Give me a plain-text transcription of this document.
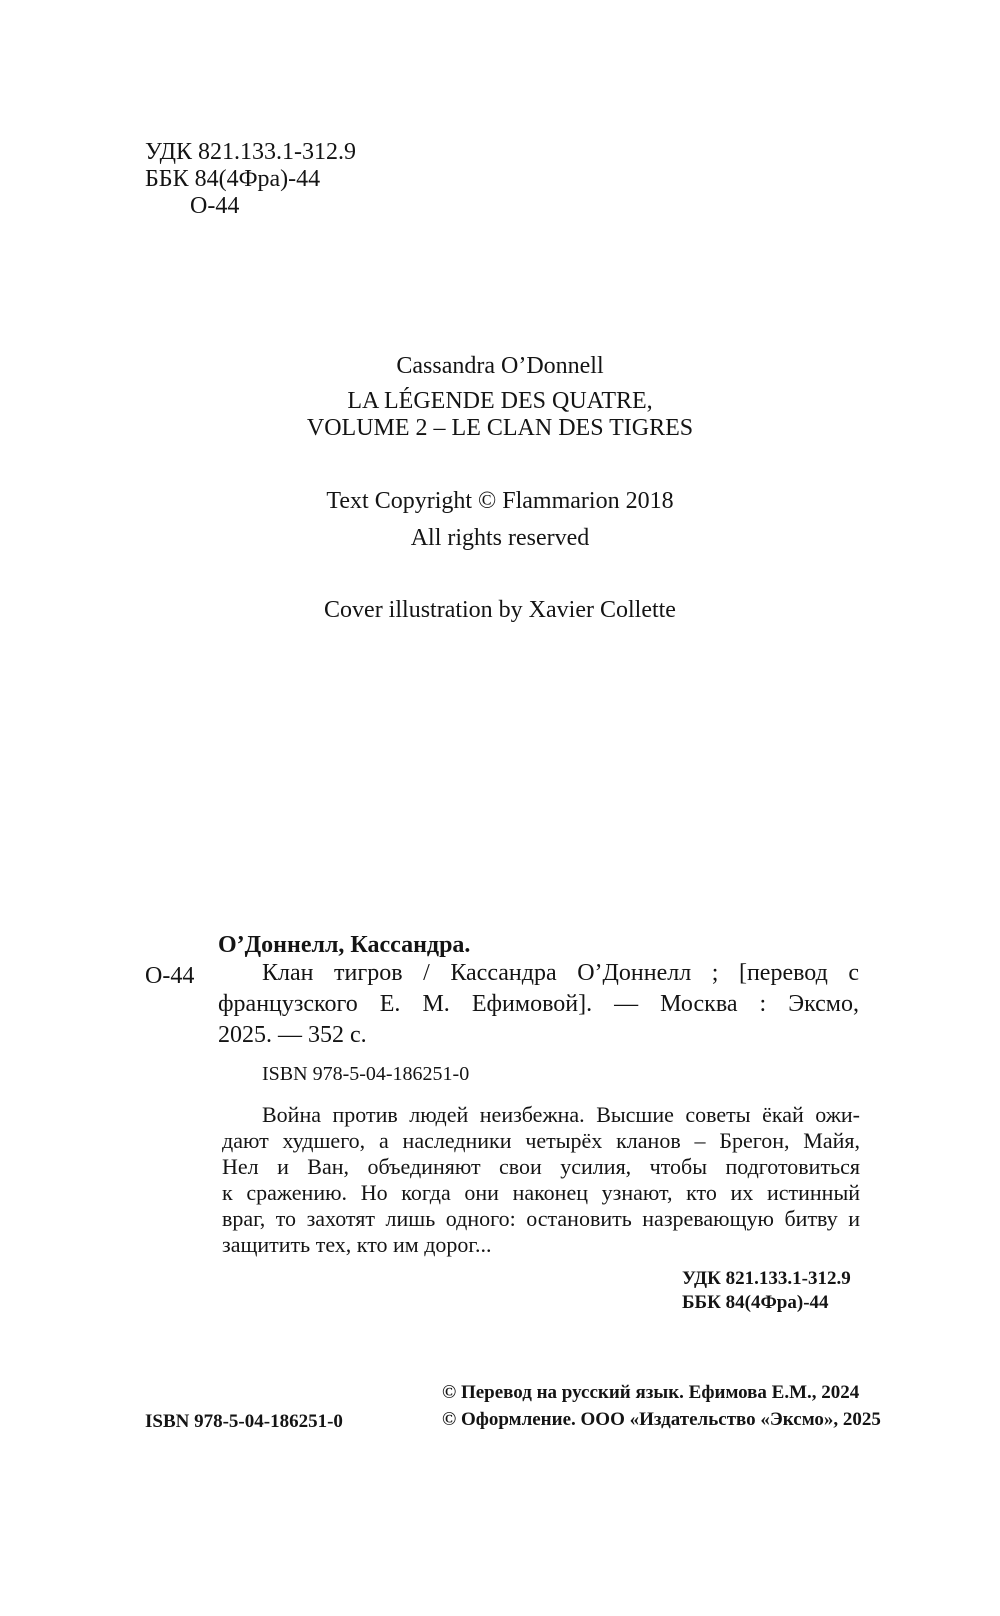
УДК 821.133.1-312.9
ББК 84(4Фра)-44
О-44
Cassandra O’Donnell
LA LÉGENDE DES QUATRE,
VOLUME 2 – LE CLAN DES TIGRES
Text Copyright © Flammarion 2018
All rights reserved
Cover illustration by Xavier Collette
О’Доннелл, Кассандра.
О-44	Клан тигров / Кассандра О’Доннелл ; [перевод с
французского Е. М. Ефимовой]. — Москва : Эксмо,
2025. — 352 с.
ISBN 978-5-04-186251-0
Война против людей неизбежна. Высшие советы ёкай ожи-
дают худшего, а наследники четырёх кланов – Брегон, Майя,
Нел и Ван, объединяют свои усилия, чтобы подготовиться
к сражению. Но когда они наконец узнают, кто их истинный
враг, то захотят лишь одного: остановить назревающую битву и
защитить тех, кто им дорог...
УДК 821.133.1-312.9
ББК 84(4Фра)-44
© Перевод на русский язык. Ефимова Е.М., 2024
ISBN 978-5-04-186251-0	© Оформление. ООО «Издательство «Эксмо», 2025
